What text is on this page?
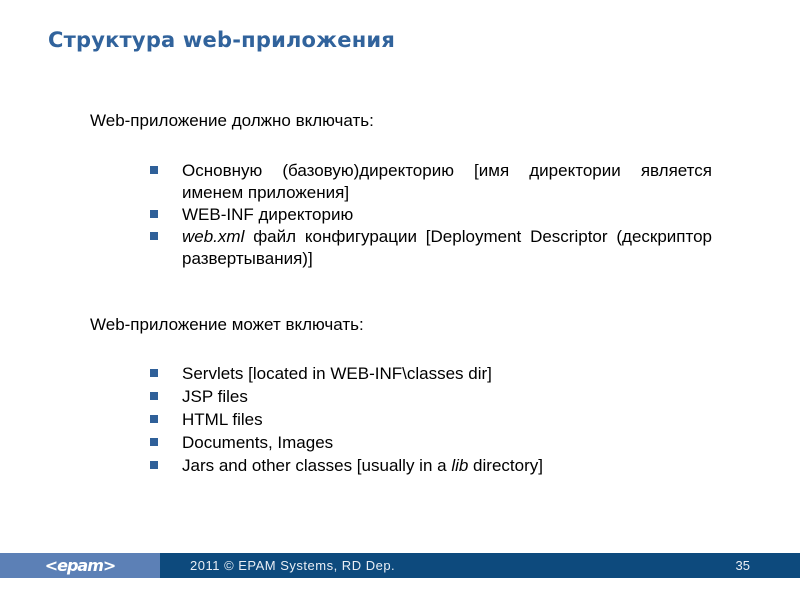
Структура web-приложения

Web-приложение должно включать:

Основную (базовую)директорию [имя директории является именем приложения]
WEB-INF директорию
web.xml файл конфигурации [Deployment Descriptor (дескриптор развертывания)]

Web-приложение может включать:

Servlets [located in WEB-INF\classes dir]
JSP files
HTML files
Documents, Images
Jars and other classes [usually in a lib directory]
<epam>	2011 © EPAM Systems, RD Dep.	35
